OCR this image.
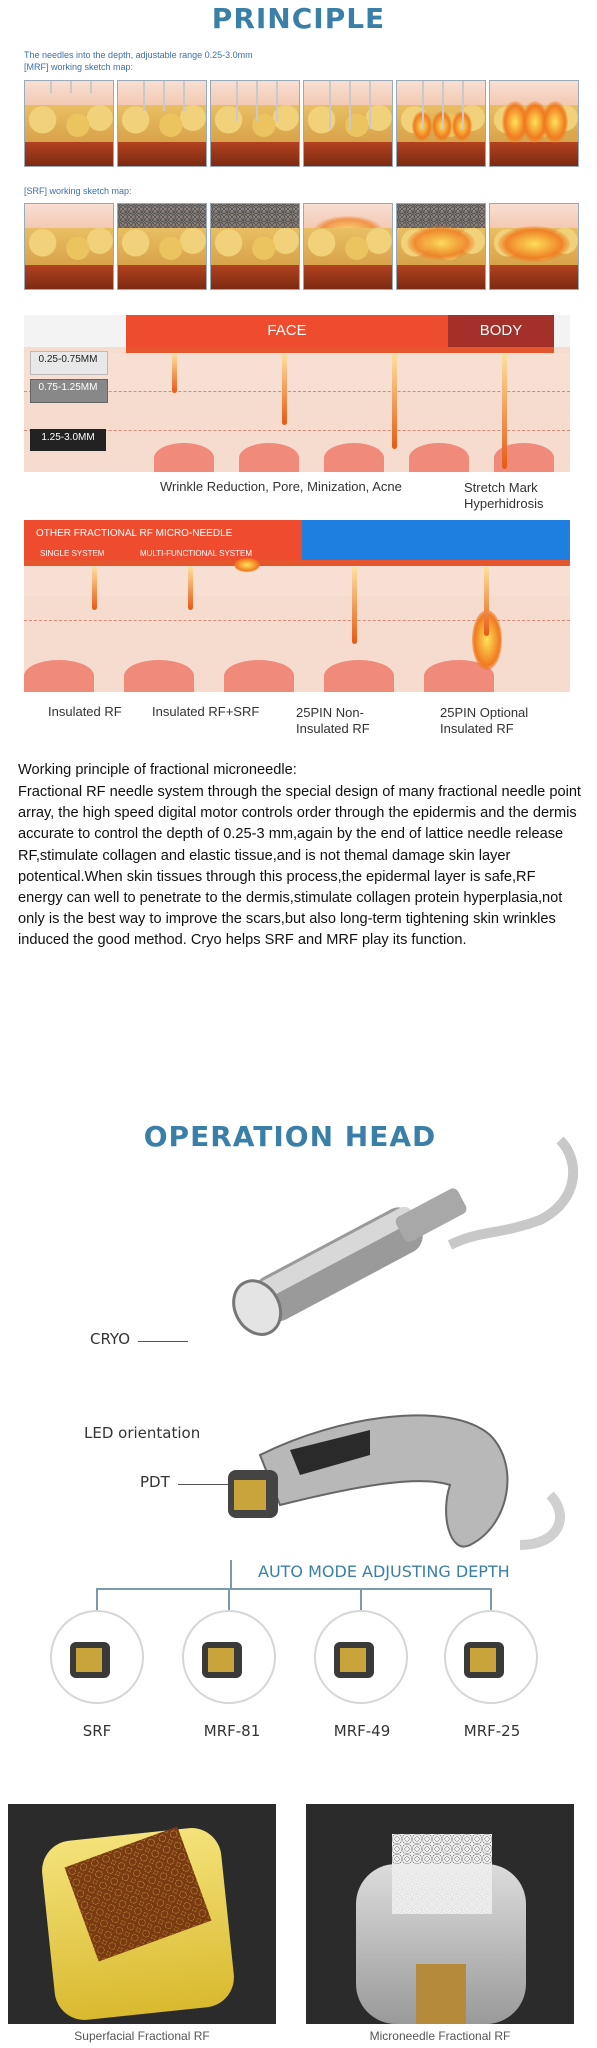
PRINCIPLE
The needles into the depth, adjustable range 0.25-3.0mm
[MRF] working sketch map:
[SRF] working sketch map:
FACE	BODY
0.25-0.75MM
0.75-1.25MM
1.25-3.0MM
Wrinkle Reduction, Pore, Minization, Acne	Stretch Mark Hyperhidrosis
OTHER FRACTIONAL RF MICRO-NEEDLE
SINGLE SYSTEM	MULTI-FUNCTIONAL SYSTEM
Insulated RF	Insulated RF+SRF	25PIN Non-Insulated RF
25PIN Optional Insulated RF
Working principle of fractional microneedle:
Fractional RF needle system through the special design of many fractional needle point array, the high speed digital motor controls order through the epidermis and the dermis accurate to control the depth of 0.25-3 mm,again by the end of lattice needle release RF,stimulate collagen and elastic tissue,and is not themal damage skin layer potentical.When skin tissues through this process,the epidermal layer is safe,RF energy can well to penetrate to the dermis,stimulate collagen protein hyperplasia,not only is the best way to improve the scars,but also long-term tightening skin wrinkles induced the good method. Cryo helps SRF and MRF play its function.
OPERATION HEAD
CRYO
LED orientation
PDT
AUTO MODE ADJUSTING DEPTH
SRF	MRF-81	MRF-49	MRF-25
Superfacial Fractional RF	Microneedle Fractional RF
